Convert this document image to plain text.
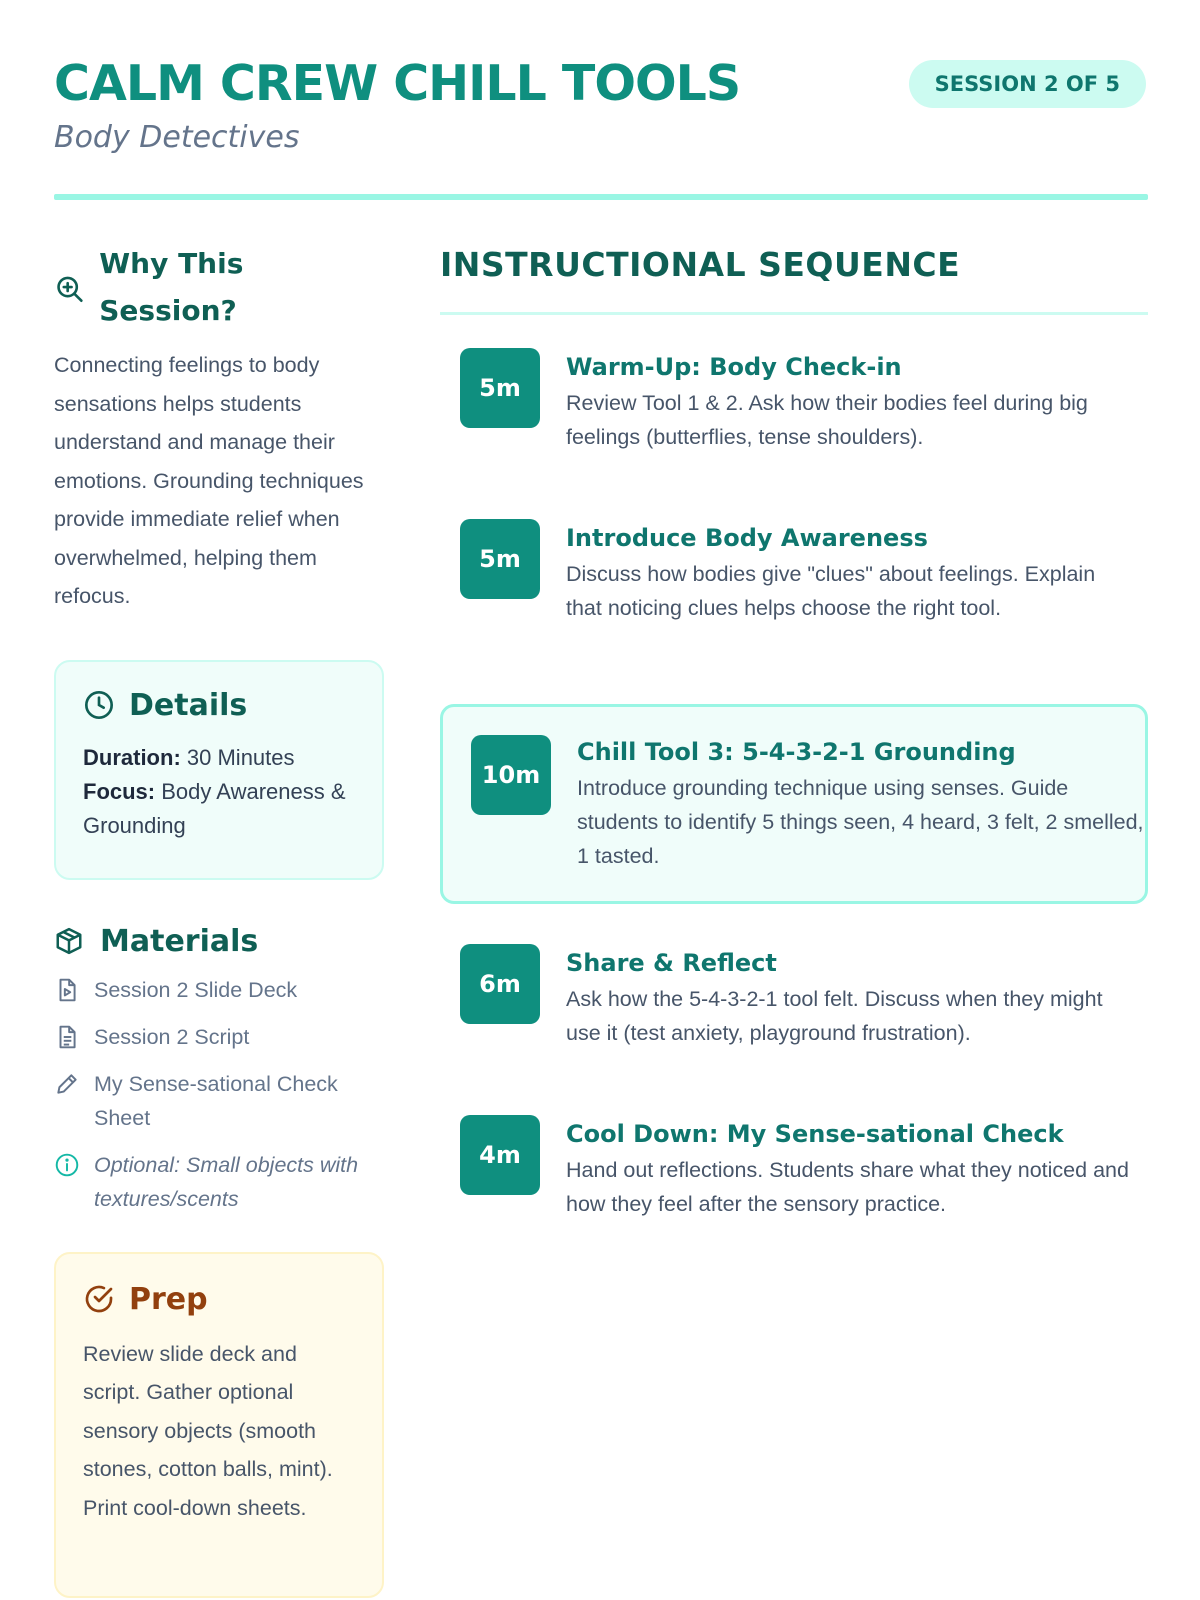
CALM CREW CHILL TOOLS
Body Detectives
SESSION 2 OF 5
Why This Session?

Connecting feelings to body sensations helps students understand and manage their emotions. Grounding techniques provide immediate relief when overwhelmed, helping them refocus.

Details
Duration: 30 Minutes
Focus: Body Awareness & Grounding
Materials
Session 2 Slide Deck
Session 2 Script
My Sense-sational Check Sheet
Optional: Small objects with textures/scents
Prep

Review slide deck and script. Gather optional sensory objects (smooth stones, cotton balls, mint). Print cool-down sheets.

INSTRUCTIONAL SEQUENCE
5m
Warm-Up: Body Check-in
Review Tool 1 & 2. Ask how their bodies feel during big feelings (butterflies, tense shoulders).
5m
Introduce Body Awareness
Discuss how bodies give "clues" about feelings. Explain that noticing clues helps choose the right tool.
10m
Chill Tool 3: 5-4-3-2-1 Grounding
Introduce grounding technique using senses. Guide students to identify 5 things seen, 4 heard, 3 felt, 2 smelled, 1 tasted.
6m
Share & Reflect
Ask how the 5-4-3-2-1 tool felt. Discuss when they might use it (test anxiety, playground frustration).
4m
Cool Down: My Sense-sational Check
Hand out reflections. Students share what they noticed and how they feel after the sensory practice.
